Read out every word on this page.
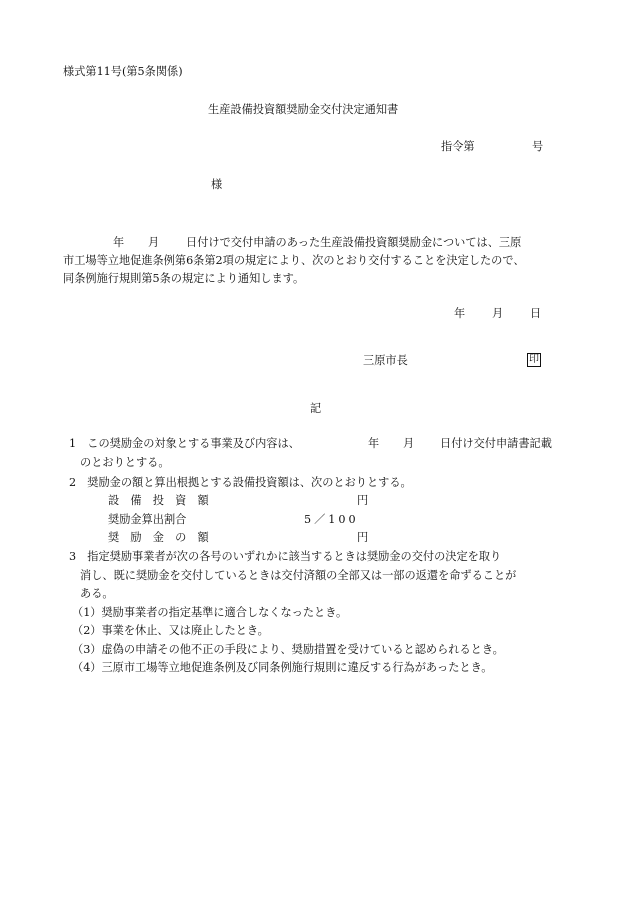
様式第11号(第5条関係)
生産設備投資額奨励金交付決定通知書
指令第	号
様
年 月 日付けで交付申請のあった生産設備投資額奨励金については、三原
市工場等立地促進条例第6条第2項の規定により、次のとおり交付することを決定したので、
同条例施行規則第5条の規定により通知します。
年 月 日
三原市長	印
記
1　この奨励金の対象とする事業及び内容は、	年 月 日付け交付申請書記載
のとおりとする。
2　奨励金の額と算出根拠とする設備投資額は、次のとおりとする。
設　備　投　資　額	円
奨励金算出割合	5／100
奨　励　金　の　額	円
3　指定奨励事業者が次の各号のいずれかに該当するときは奨励金の交付の決定を取り
消し、既に奨励金を交付しているときは交付済額の全部又は一部の返還を命ずることが
ある。
（1）奨励事業者の指定基準に適合しなくなったとき。
（2）事業を休止、又は廃止したとき。
（3）虚偽の申請その他不正の手段により、奨励措置を受けていると認められるとき。
（4）三原市工場等立地促進条例及び同条例施行規則に違反する行為があったとき。
